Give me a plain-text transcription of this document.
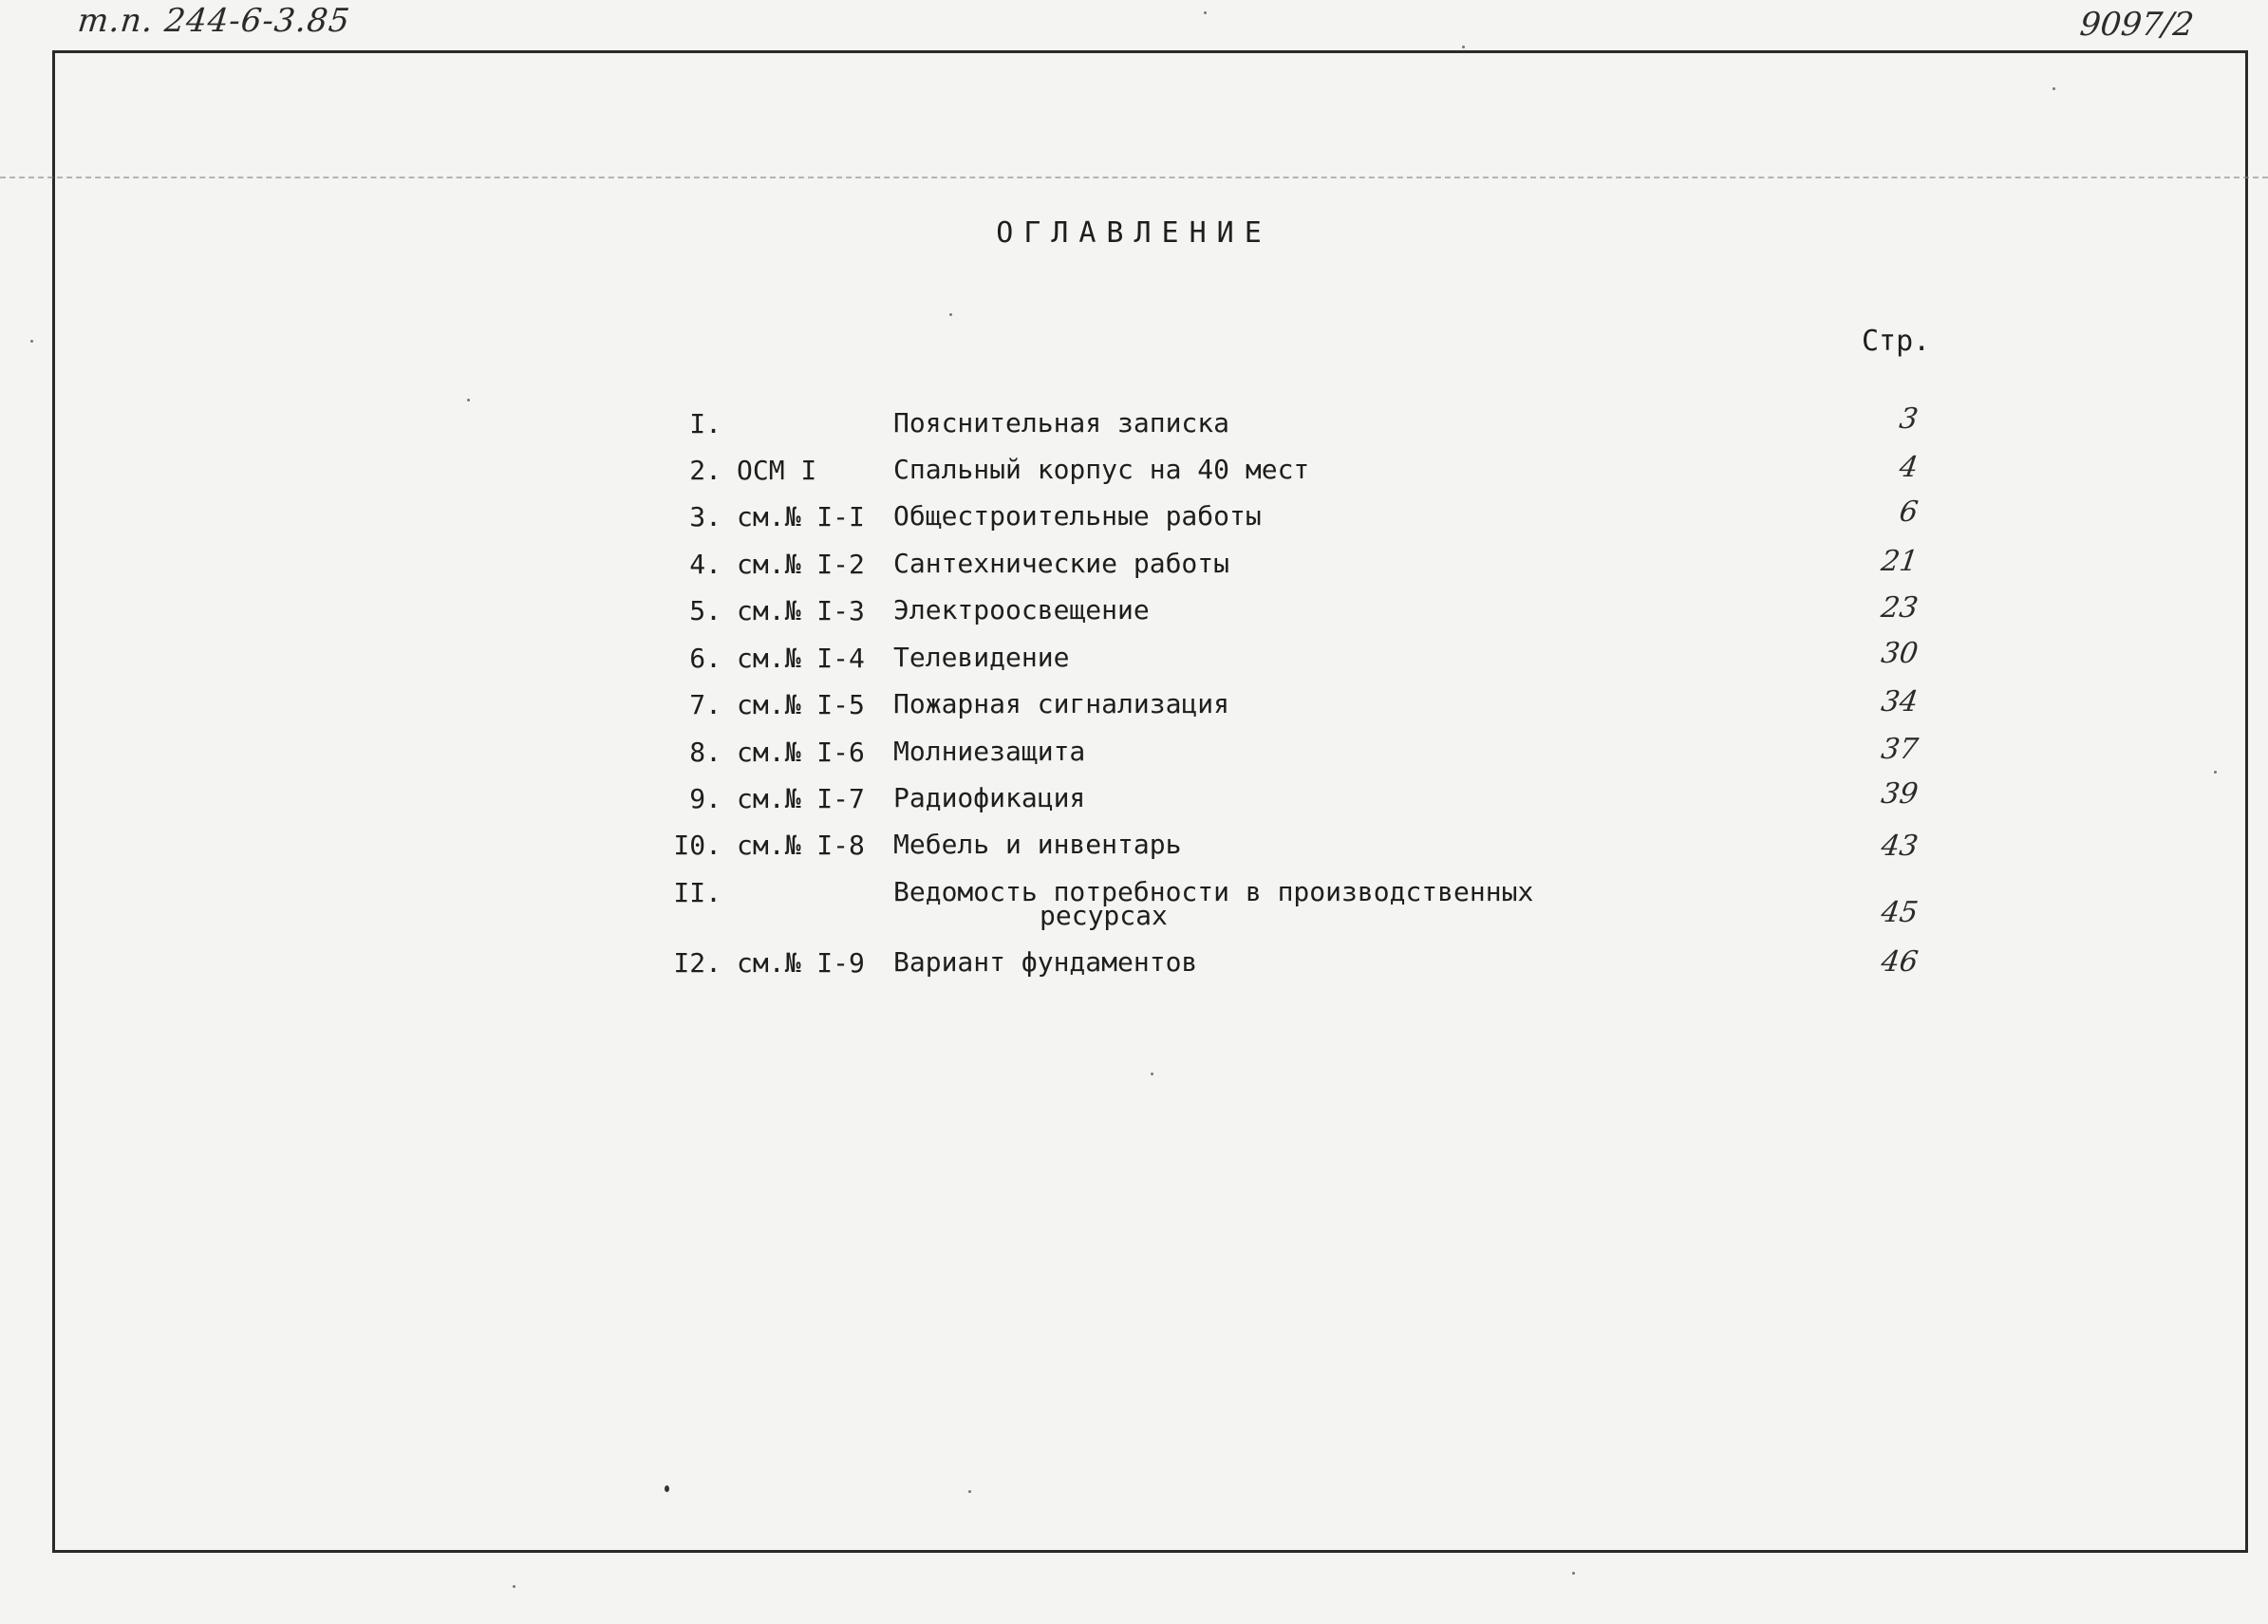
т.п. 244-6-3.85	9097/2
ОГЛАВЛЕНИЕ
Стр.
I.	Пояснительная записка	3
2. ОСМ I	Спальный корпус на 40 мест	4
3. см.№ I-I Общестроительные работы	6
4. см.№ I-2 Сантехнические работы	21
5. см.№ I-3 Электроосвещение	23
6. см.№ I-4 Телевидение	30
7. см.№ I-5 Пожарная сигнализация	34
8. см.№ I-6 Молниезащита	37
9. см.№ I-7 Радиофикация	39
I0. см.№ I-8 Мебель и инвентарь	43
II.	Ведомость потребности в производственных
ресурсах	45
I2. см.№ I-9 Вариант фундаментов	46
